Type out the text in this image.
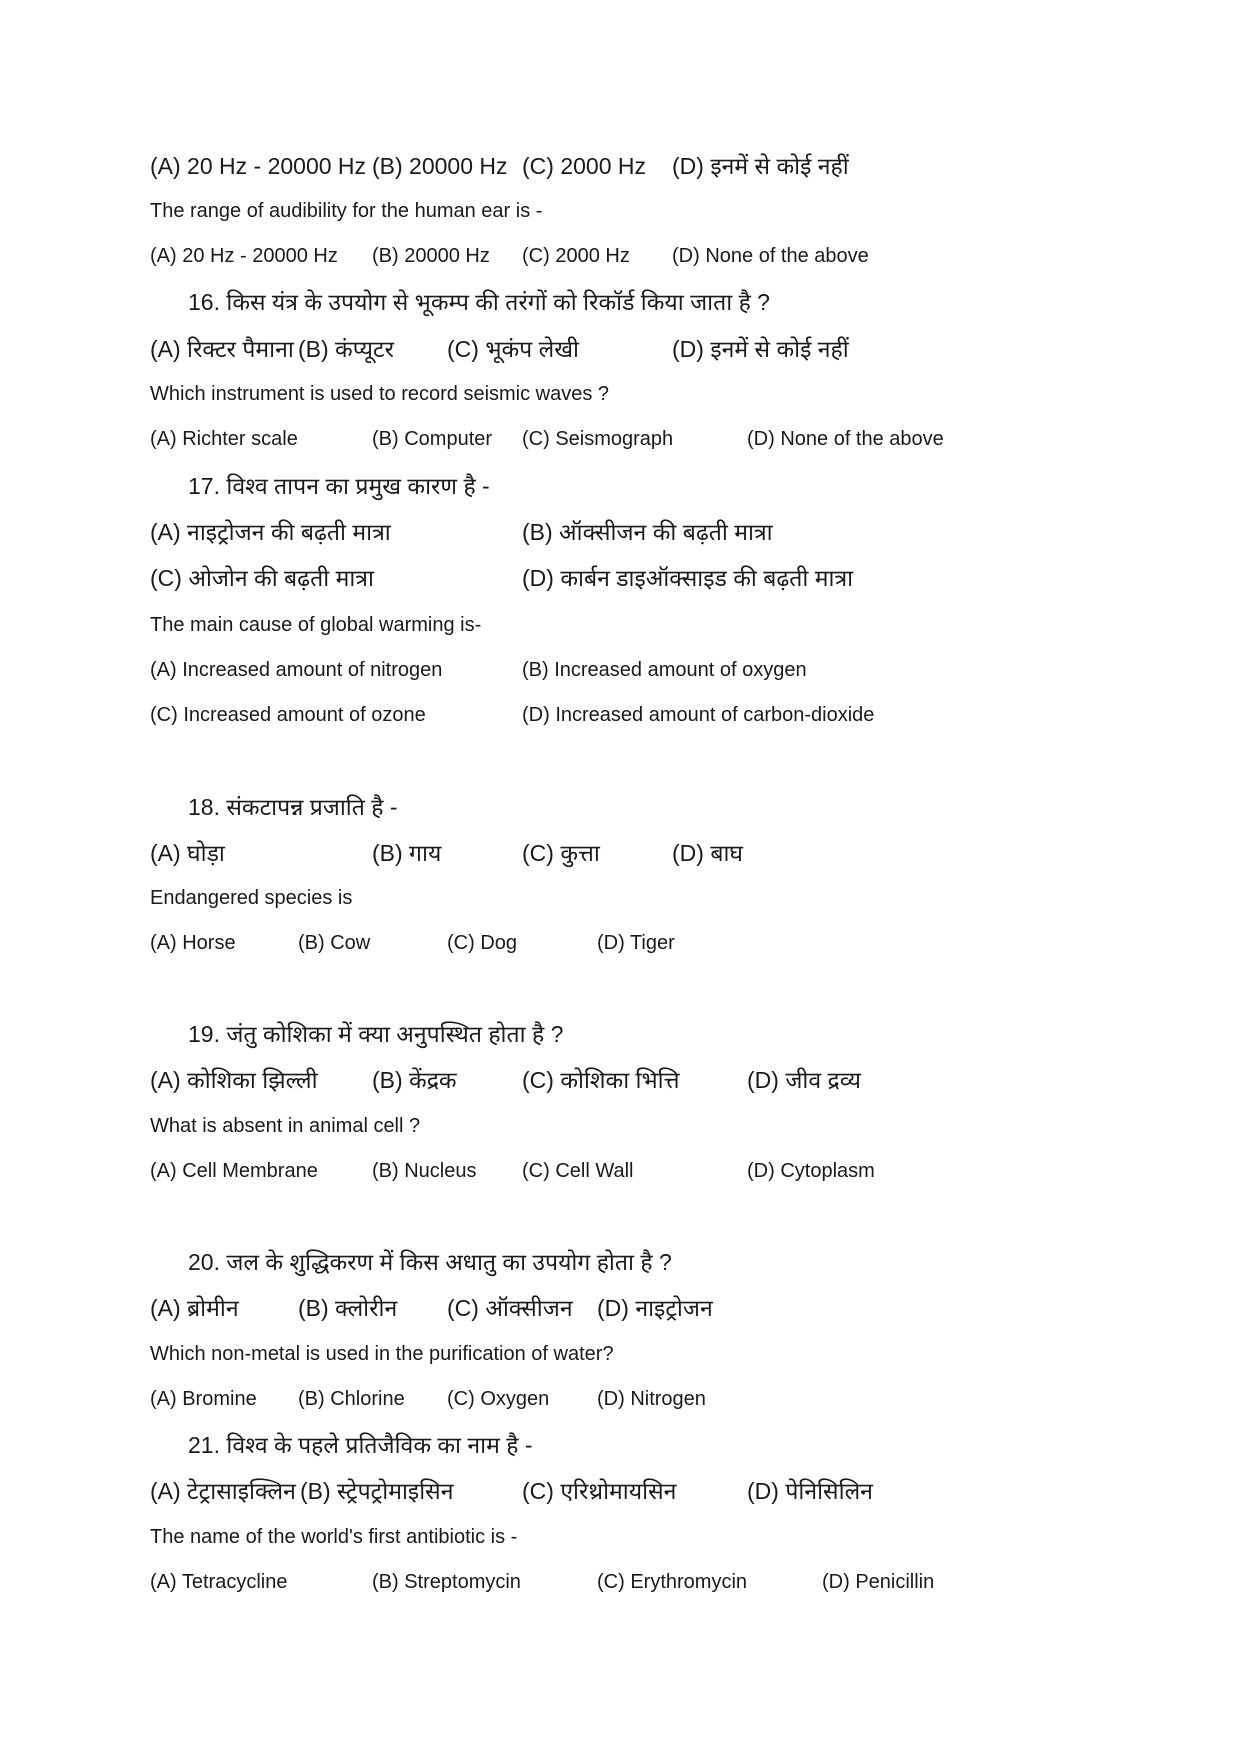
(A) 20 Hz - 20000 Hz (B) 20000 Hz (C) 2000 Hz (D) इनमें से कोई नहीं
The range of audibility for the human ear is -
(A) 20 Hz - 20000 Hz (B) 20000 Hz (C) 2000 Hz (D) None of the above
16. किस यंत्र के उपयोग से भूकम्प की तरंगों को रिकॉर्ड किया जाता है ?
(A) रिक्टर पैमाना (B) कंप्यूटर (C) भूकंप लेखी	(D) इनमें से कोई नहीं
Which instrument is used to record seismic waves ?
(A) Richter scale	(B) Computer (C) Seismograph	(D) None of the above
17. विश्व तापन का प्रमुख कारण है -
(A) नाइट्रोजन की बढ़ती मात्रा	(B) ऑक्सीजन की बढ़ती मात्रा
(C) ओजोन की बढ़ती मात्रा	(D) कार्बन डाइऑक्साइड की बढ़ती मात्रा
The main cause of global warming is-
(A) Increased amount of nitrogen	(B) Increased amount of oxygen
(C) Increased amount of ozone	(D) Increased amount of carbon-dioxide
18. संकटापन्न प्रजाति है -
(A) घोड़ा	(B) गाय	(C) कुत्ता	(D) बाघ
Endangered species is
(A) Horse	(B) Cow	(C) Dog	(D) Tiger
19. जंतु कोशिका में क्या अनुपस्थित होता है ?
(A) कोशिका झिल्ली (B) केंद्रक	(C) कोशिका भित्ति	(D) जीव द्रव्य
What is absent in animal cell ?
(A) Cell Membrane	(B) Nucleus (C) Cell Wall	(D) Cytoplasm
20. जल के शुद्धिकरण में किस अधातु का उपयोग होता है ?
(A) ब्रोमीन	(B) क्लोरीन (C) ऑक्सीजन (D) नाइट्रोजन
Which non-metal is used in the purification of water?
(A) Bromine (B) Chlorine (C) Oxygen (D) Nitrogen
21. विश्व के पहले प्रतिजैविक का नाम है -
(A) टेट्रासाइक्लिन (B) स्ट्रेपट्रोमाइसिन	(C) एरिथ्रोमायसिन	(D) पेनिसिलिन
The name of the world's first antibiotic is -
(A) Tetracycline	(B) Streptomycin	(C) Erythromycin	(D) Penicillin
